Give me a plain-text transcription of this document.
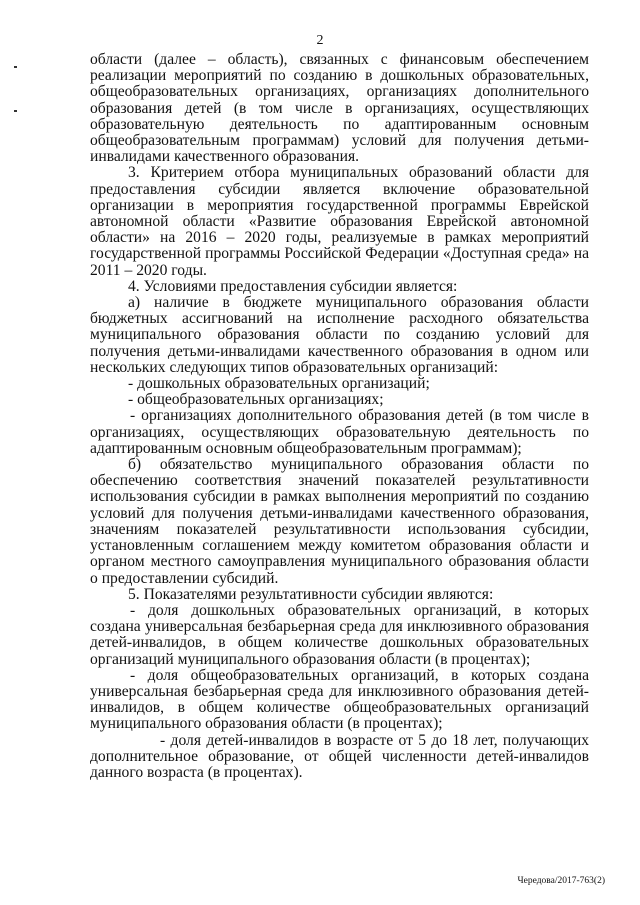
2

области (далее – область), связанных с финансовым обеспечением реализации мероприятий по созданию в дошкольных образовательных, общеобразовательных организациях, организациях дополнительного образования детей (в том числе в организациях, осуществляющих образовательную деятельность по адаптированным основным общеобразовательным программам) условий для получения детьми-инвалидами качественного образования.

3. Критерием отбора муниципальных образований области для предоставления субсидии является включение образовательной организации в мероприятия государственной программы Еврейской автономной области «Развитие образования Еврейской автономной области» на 2016 – 2020 годы, реализуемые в рамках мероприятий государственной программы Российской Федерации «Доступная среда» на 2011 – 2020 годы.

4. Условиями предоставления субсидии является:

а) наличие в бюджете муниципального образования области бюджетных ассигнований на исполнение расходного обязательства муниципального образования области по созданию условий для получения детьми-инвалидами качественного образования в одном или нескольких следующих типов образовательных организаций:

- дошкольных образовательных организаций;

- общеобразовательных организациях;

- организациях дополнительного образования детей (в том числе в организациях, осуществляющих образовательную деятельность по адаптированным основным общеобразовательным программам);

б) обязательство муниципального образования области по обеспечению соответствия значений показателей результативности использования субсидии в рамках выполнения мероприятий по созданию условий для получения детьми-инвалидами качественного образования, значениям показателей результативности использования субсидии, установленным соглашением между комитетом образования области и органом местного самоуправления муниципального образования области о предоставлении субсидий.

5. Показателями результативности субсидии являются:

- доля дошкольных образовательных организаций, в которых создана универсальная безбарьерная среда для инклюзивного образования детей-инвалидов, в общем количестве дошкольных образовательных организаций муниципального образования области (в процентах);

- доля общеобразовательных организаций, в которых создана универсальная безбарьерная среда для инклюзивного образования детей-инвалидов, в общем количестве общеобразовательных организаций муниципального образования области (в процентах);

- доля детей-инвалидов в возрасте от 5 до 18 лет, получающих дополнительное образование, от общей численности детей-инвалидов данного возраста (в процентах).

Чередова/2017-763(2)
